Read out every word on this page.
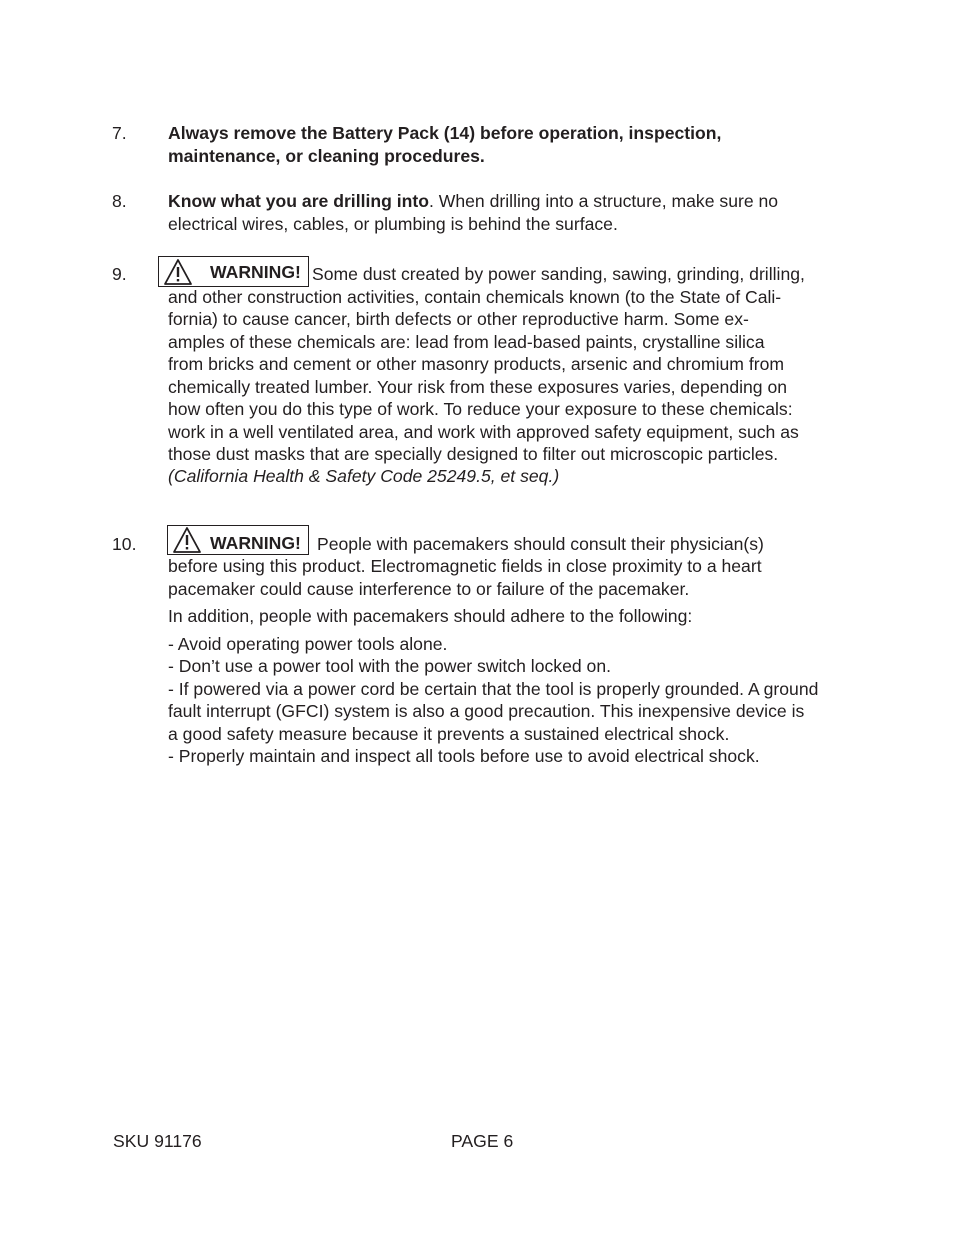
7. Always remove the Battery Pack (14) before operation, inspection,
maintenance, or cleaning procedures.
8. Know what you are drilling into. When drilling into a structure, make sure no
electrical wires, cables, or plumbing is behind the surface.
9.	WARNING! Some dust created by power sanding, sawing, grinding, drilling,
and other construction activities, contain chemicals known (to the State of Cali-
fornia) to cause cancer, birth defects or other reproductive harm. Some ex-
amples of these chemicals are: lead from lead-based paints, crystalline silica
from bricks and cement or other masonry products, arsenic and chromium from
chemically treated lumber. Your risk from these exposures varies, depending on
how often you do this type of work. To reduce your exposure to these chemicals:
work in a well ventilated area, and work with approved safety equipment, such as
those dust masks that are specially designed to filter out microscopic particles.
(California Health & Safety Code 25249.5, et seq.)
10.	WARNING! People with pacemakers should consult their physician(s)
before using this product. Electromagnetic fields in close proximity to a heart
pacemaker could cause interference to or failure of the pacemaker.
In addition, people with pacemakers should adhere to the following:
- Avoid operating power tools alone.
- Don’t use a power tool with the power switch locked on.
- If powered via a power cord be certain that the tool is properly grounded. A ground
fault interrupt (GFCI) system is also a good precaution. This inexpensive device is
a good safety measure because it prevents a sustained electrical shock.
- Properly maintain and inspect all tools before use to avoid electrical shock.
SKU 91176	PAGE 6
